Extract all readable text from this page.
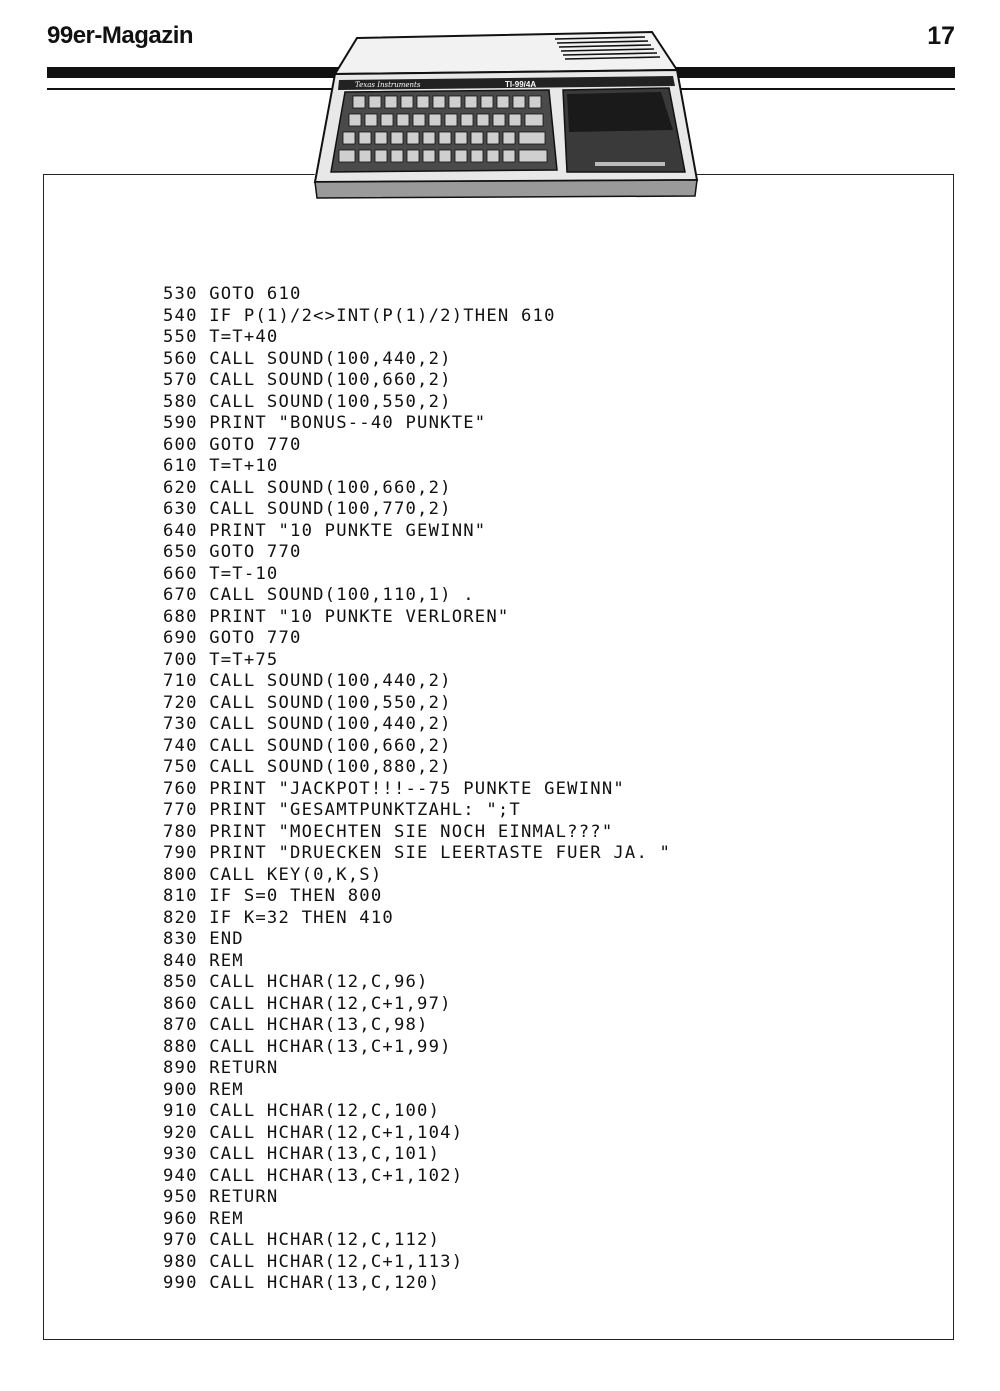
99er-Magazin	17
Texas Instruments	TI-99/4A
530 GOTO 610
540 IF P(1)/2<>INT(P(1)/2)THEN 610
550 T=T+40
560 CALL SOUND(100,440,2)
570 CALL SOUND(100,660,2)
580 CALL SOUND(100,550,2)
590 PRINT "BONUS--40 PUNKTE"
600 GOTO 770
610 T=T+10
620 CALL SOUND(100,660,2)
630 CALL SOUND(100,770,2)
640 PRINT "10 PUNKTE GEWINN"
650 GOTO 770
660 T=T-10
670 CALL SOUND(100,110,1) .
680 PRINT "10 PUNKTE VERLOREN"
690 GOTO 770
700 T=T+75
710 CALL SOUND(100,440,2)
720 CALL SOUND(100,550,2)
730 CALL SOUND(100,440,2)
740 CALL SOUND(100,660,2)
750 CALL SOUND(100,880,2)
760 PRINT "JACKPOT!!!--75 PUNKTE GEWINN"
770 PRINT "GESAMTPUNKTZAHL: ";T
780 PRINT "MOECHTEN SIE NOCH EINMAL???"
790 PRINT "DRUECKEN SIE LEERTASTE FUER JA. "
800 CALL KEY(0,K,S)
810 IF S=0 THEN 800
820 IF K=32 THEN 410
830 END
840 REM
850 CALL HCHAR(12,C,96)
860 CALL HCHAR(12,C+1,97)
870 CALL HCHAR(13,C,98)
880 CALL HCHAR(13,C+1,99)
890 RETURN
900 REM
910 CALL HCHAR(12,C,100)
920 CALL HCHAR(12,C+1,104)
930 CALL HCHAR(13,C,101)
940 CALL HCHAR(13,C+1,102)
950 RETURN
960 REM
970 CALL HCHAR(12,C,112)
980 CALL HCHAR(12,C+1,113)
990 CALL HCHAR(13,C,120)
